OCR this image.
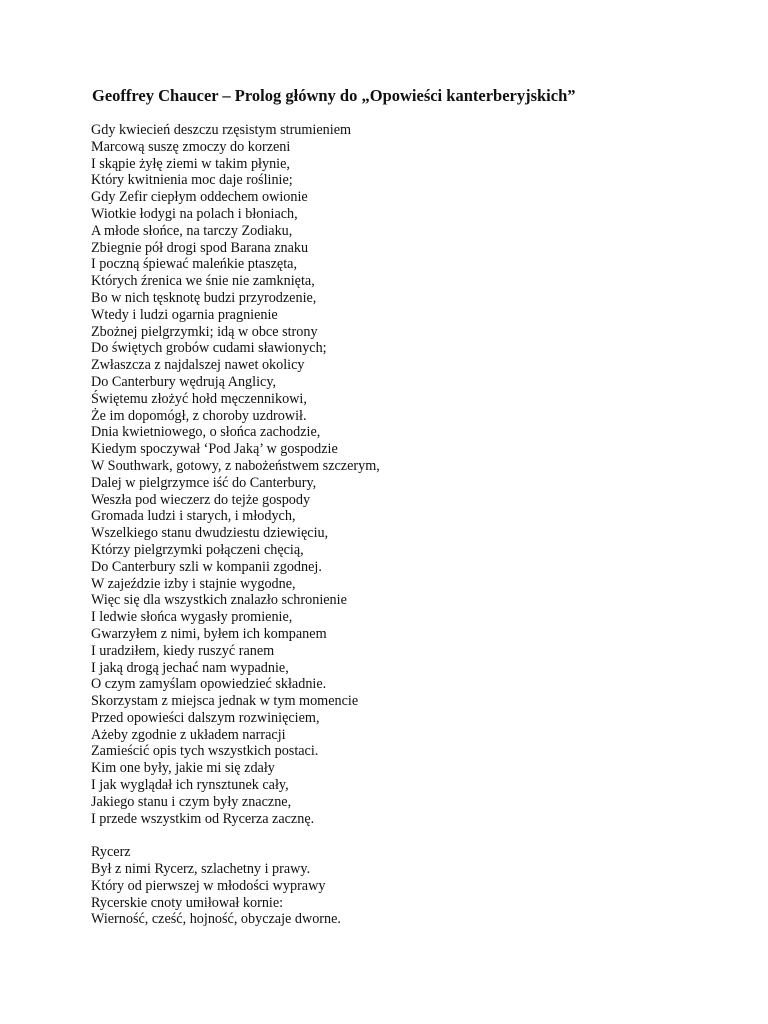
Geoffrey Chaucer – Prolog główny do „Opowieści kanterberyjskich”
Gdy kwiecień deszczu rzęsistym strumieniem
Marcową suszę zmoczy do korzeni
I skąpie żyłę ziemi w takim płynie,
Który kwitnienia moc daje roślinie;
Gdy Zefir ciepłym oddechem owionie
Wiotkie łodygi na polach i błoniach,
A młode słońce, na tarczy Zodiaku,
Zbiegnie pół drogi spod Barana znaku
I poczną śpiewać maleńkie ptaszęta,
Których źrenica we śnie nie zamknięta,
Bo w nich tęsknotę budzi przyrodzenie,
Wtedy i ludzi ogarnia pragnienie
Zbożnej pielgrzymki; idą w obce strony
Do świętych grobów cudami sławionych;
Zwłaszcza z najdalszej nawet okolicy
Do Canterbury wędrują Anglicy,
Świętemu złożyć hołd męczennikowi,
Że im dopomógł, z choroby uzdrowił.
Dnia kwietniowego, o słońca zachodzie,
Kiedym spoczywał ‘Pod Jaką’ w gospodzie
W Southwark, gotowy, z nabożeństwem szczerym,
Dalej w pielgrzymce iść do Canterbury,
Weszła pod wieczerz do tejże gospody
Gromada ludzi i starych, i młodych,
Wszelkiego stanu dwudziestu dziewięciu,
Którzy pielgrzymki połączeni chęcią,
Do Canterbury szli w kompanii zgodnej.
W zajeździe izby i stajnie wygodne,
Więc się dla wszystkich znalazło schronienie
I ledwie słońca wygasły promienie,
Gwarzyłem z nimi, byłem ich kompanem
I uradziłem, kiedy ruszyć ranem
I jaką drogą jechać nam wypadnie,
O czym zamyślam opowiedzieć składnie.
Skorzystam z miejsca jednak w tym momencie
Przed opowieści dalszym rozwinięciem,
Ażeby zgodnie z układem narracji
Zamieścić opis tych wszystkich postaci.
Kim one były, jakie mi się zdały
I jak wyglądał ich rynsztunek cały,
Jakiego stanu i czym były znaczne,
I przede wszystkim od Rycerza zacznę.
Rycerz
Był z nimi Rycerz, szlachetny i prawy.
Który od pierwszej w młodości wyprawy
Rycerskie cnoty umiłował kornie:
Wierność, cześć, hojność, obyczaje dworne.
